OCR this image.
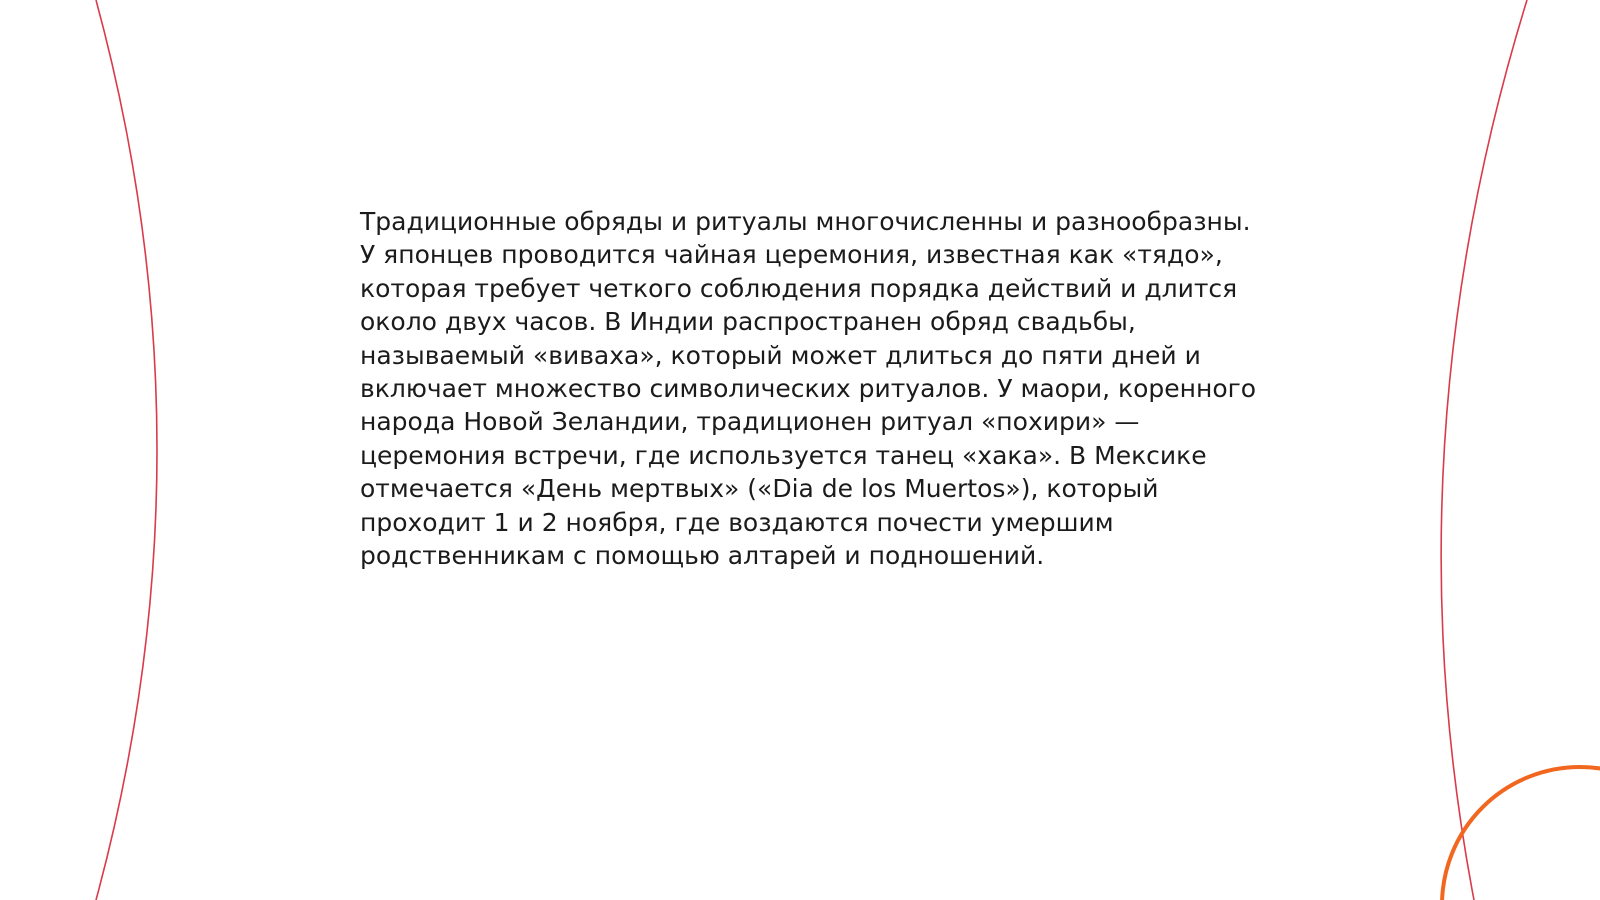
Традиционные обряды и ритуалы многочисленны и разнообразны. У японцев проводится чайная церемония, известная как «тядо», которая требует четкого соблюдения порядка действий и длится около двух часов. В Индии распространен обряд свадьбы, называемый «виваха», который может длиться до пяти дней и включает множество символических ритуалов. У маори, коренного народа Новой Зеландии, традиционен ритуал «похири» — церемония встречи, где используется танец «хака». В Мексике отмечается «День мертвых» («Dia de los Muertos»), который проходит 1 и 2 ноября, где воздаются почести умершим родственникам с помощью алтарей и подношений.
